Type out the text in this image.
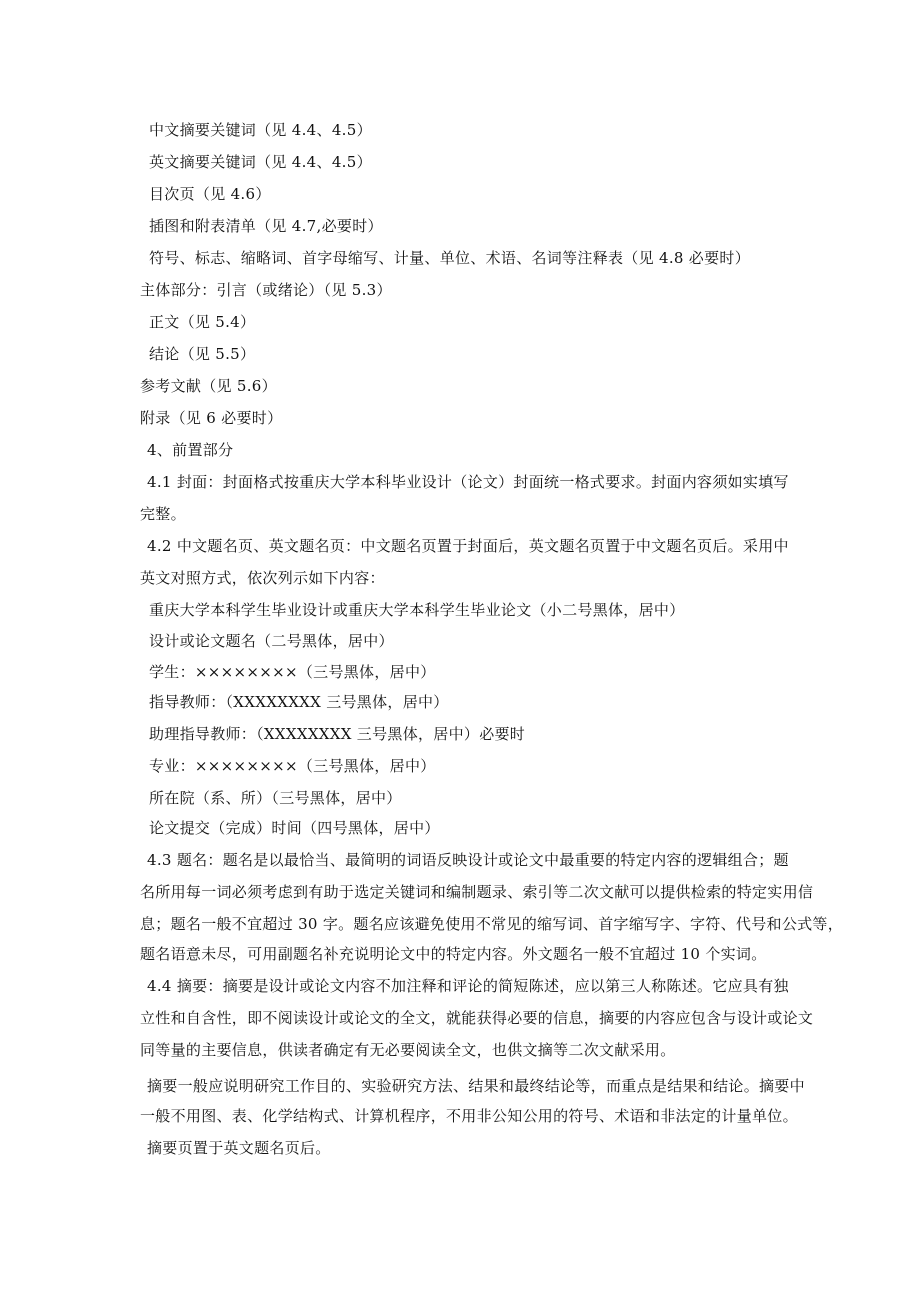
中文摘要关键词（见 4.4、4.5）
英文摘要关键词（见 4.4、4.5）
目次页（见 4.6）
插图和附表清单（见 4.7,必要时）
符号、标志、缩略词、首字母缩写、计量、单位、术语、名词等注释表（见 4.8 必要时）
主体部分：引言（或绪论）（见 5.3）
正文（见 5.4）
结论（见 5.5）
参考文献（见 5.6）
附录（见 6 必要时）
4、前置部分
4.1 封面：封面格式按重庆大学本科毕业设计（论文）封面统一格式要求。封面内容须如实填写
完整。
4.2 中文题名页、英文题名页：中文题名页置于封面后，英文题名页置于中文题名页后。采用中
英文对照方式，依次列示如下内容：
重庆大学本科学生毕业设计或重庆大学本科学生毕业论文（小二号黑体，居中）
设计或论文题名（二号黑体，居中）
学生：××××××××（三号黑体，居中）
指导教师：（XXXXXXXX 三号黑体，居中）
助理指导教师：（XXXXXXXX 三号黑体，居中）必要时
专业：××××××××（三号黑体，居中）
所在院（系、所）（三号黑体，居中）
论文提交（完成）时间（四号黑体，居中）
4.3 题名：题名是以最恰当、最简明的词语反映设计或论文中最重要的特定内容的逻辑组合；题
名所用每一词必须考虑到有助于选定关键词和编制题录、索引等二次文献可以提供检索的特定实用信
息；题名一般不宜超过 30 字。题名应该避免使用不常见的缩写词、首字缩写字、字符、代号和公式等，
题名语意未尽，可用副题名补充说明论文中的特定内容。外文题名一般不宜超过 10 个实词。
4.4 摘要：摘要是设计或论文内容不加注释和评论的简短陈述，应以第三人称陈述。它应具有独
立性和自含性，即不阅读设计或论文的全文，就能获得必要的信息，摘要的内容应包含与设计或论文
同等量的主要信息，供读者确定有无必要阅读全文，也供文摘等二次文献采用。
摘要一般应说明研究工作目的、实验研究方法、结果和最终结论等，而重点是结果和结论。摘要中
一般不用图、表、化学结构式、计算机程序，不用非公知公用的符号、术语和非法定的计量单位。
摘要页置于英文题名页后。
